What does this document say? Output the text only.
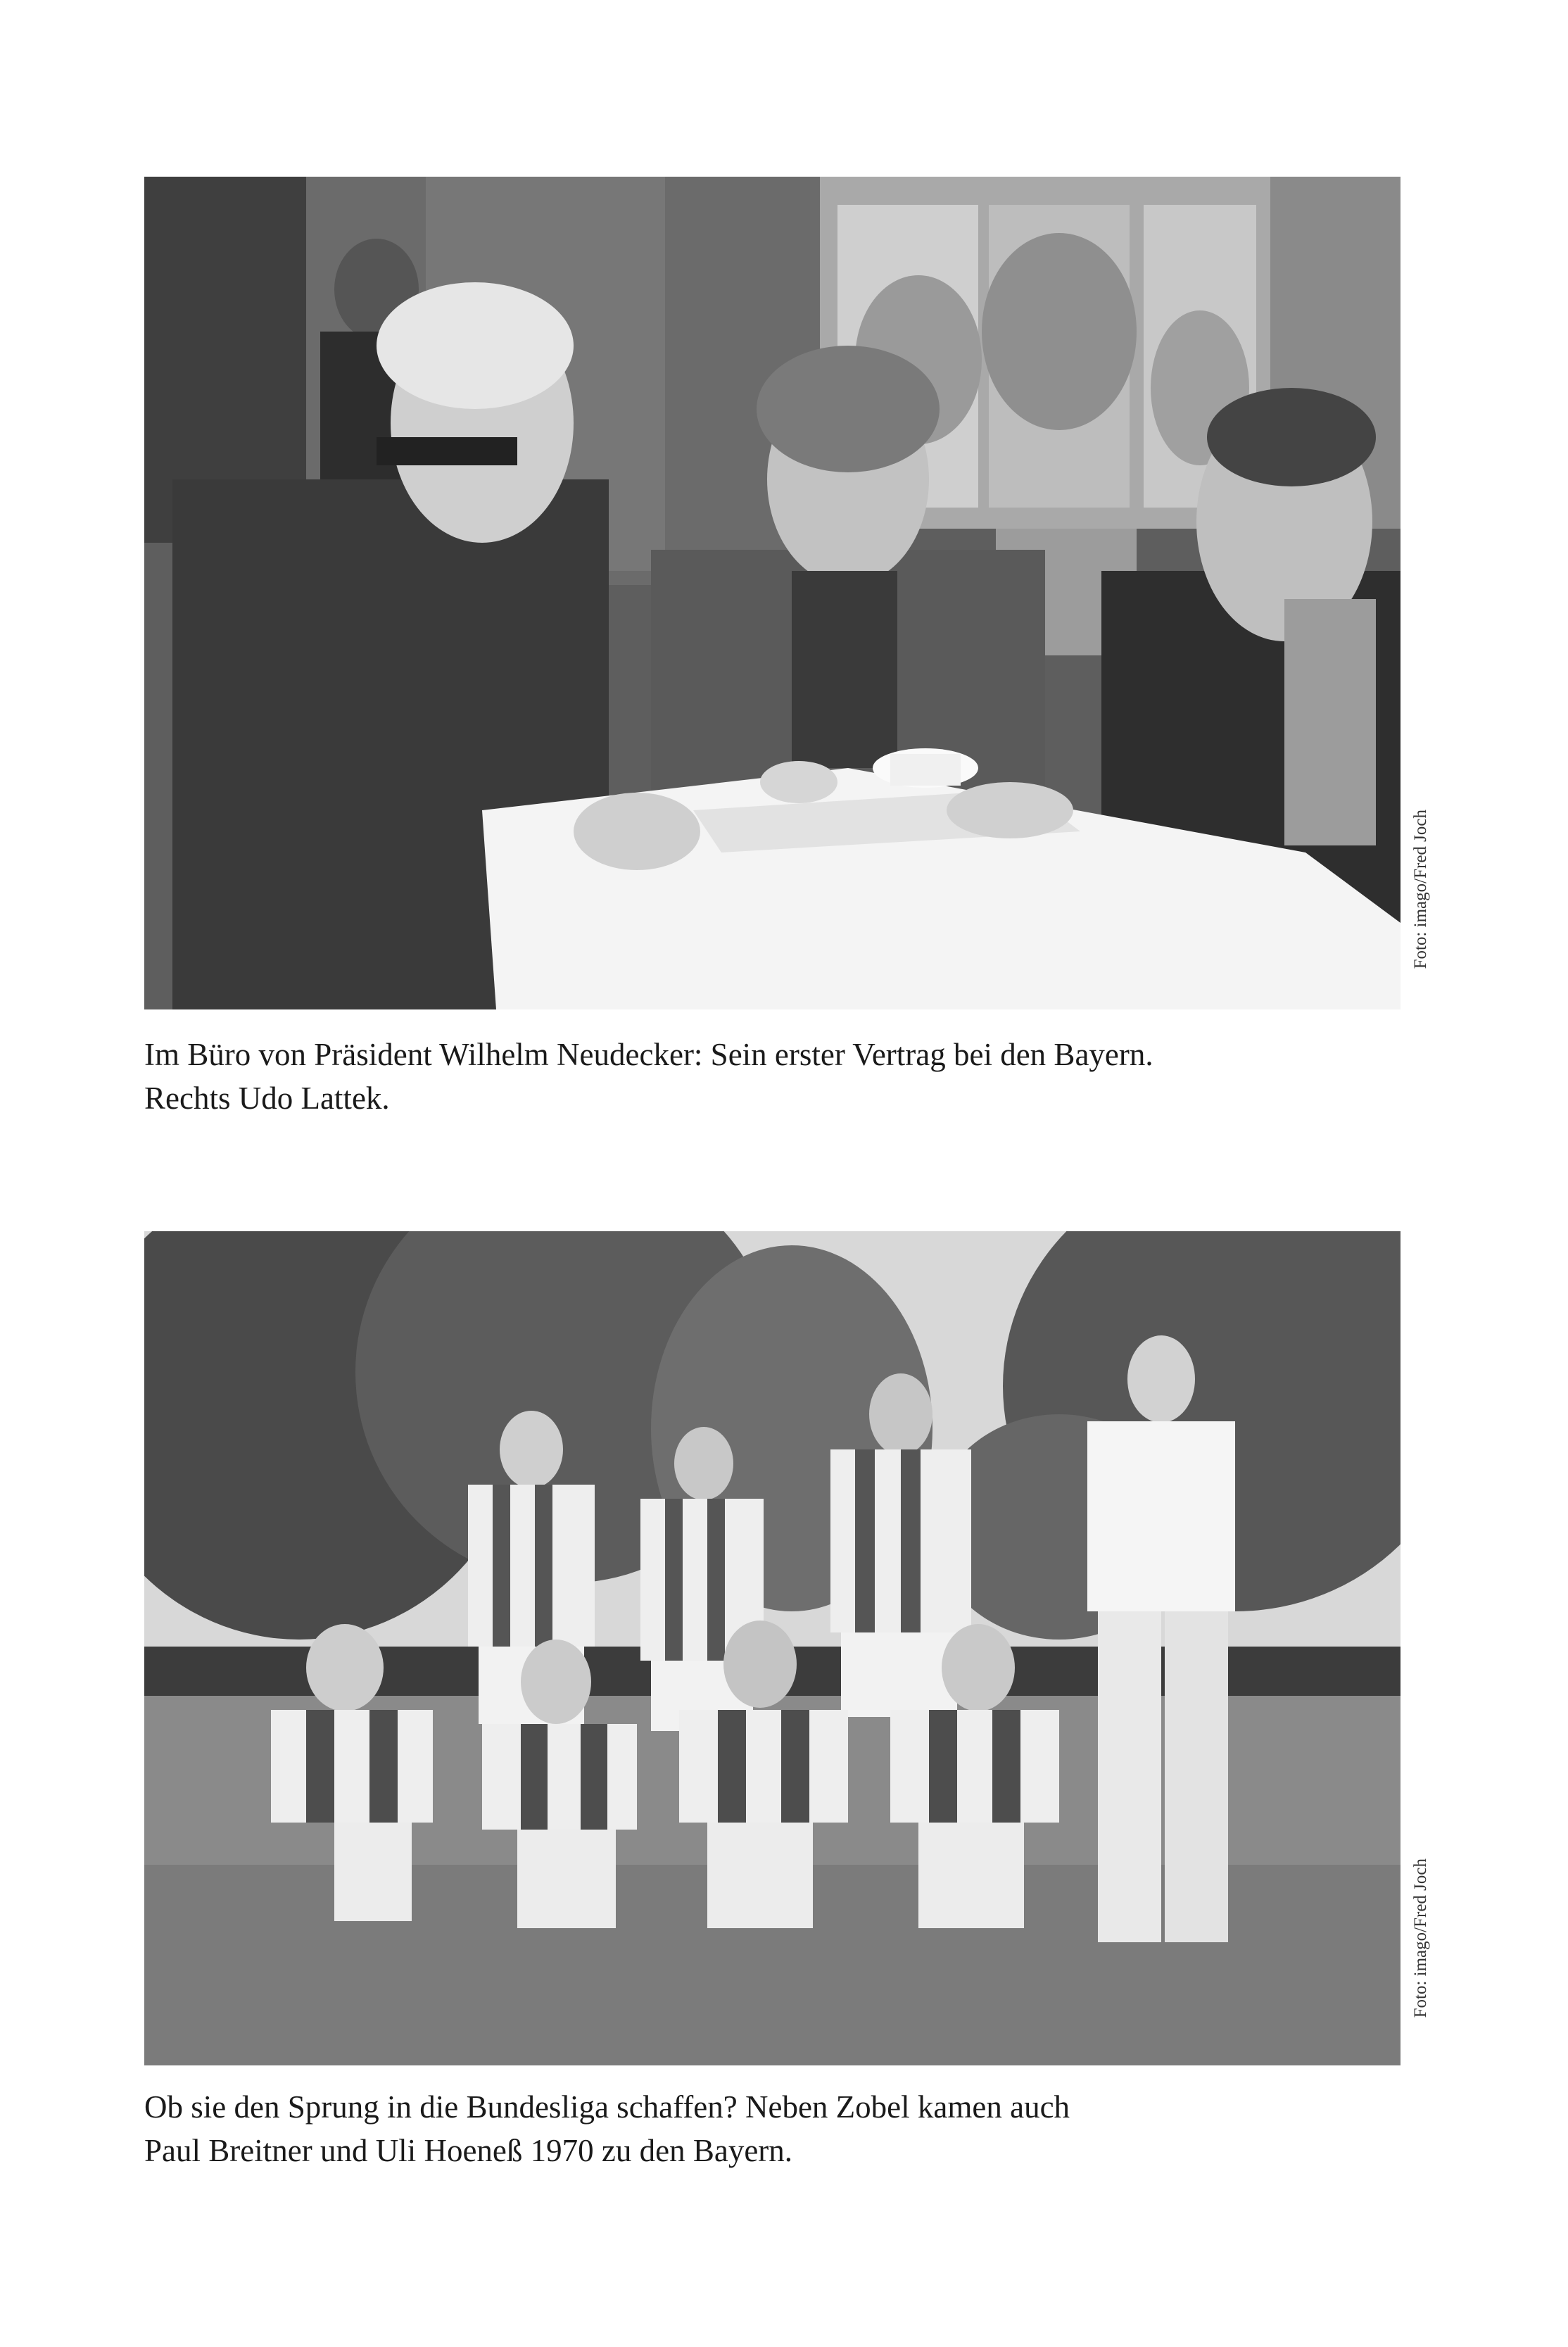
Foto: imago/Fred Joch

Im Büro von Präsident Wilhelm Neudecker: Sein erster Vertrag bei den Bayern.
Rechts Udo Lattek.

Foto: imago/Fred Joch

Ob sie den Sprung in die Bundesliga schaffen? Neben Zobel kamen auch
Paul Breitner und Uli Hoeneß 1970 zu den Bayern.
